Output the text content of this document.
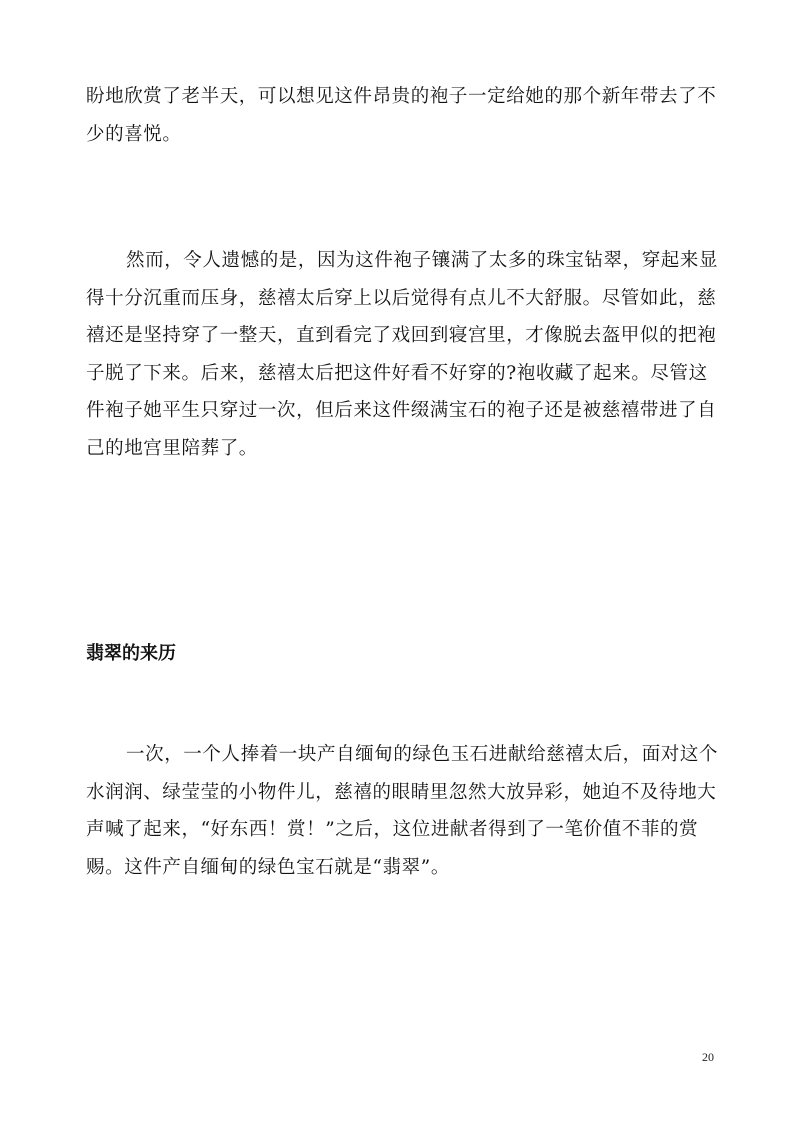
盼地欣赏了老半天，可以想见这件昂贵的袍子一定给她的那个新年带去了不少的喜悦。

然而，令人遗憾的是，因为这件袍子镶满了太多的珠宝钻翠，穿起来显得十分沉重而压身，慈禧太后穿上以后觉得有点儿不大舒服。尽管如此，慈禧还是坚持穿了一整天，直到看完了戏回到寝宫里，才像脱去盔甲似的把袍子脱了下来。后来，慈禧太后把这件好看不好穿的?袍收藏了起来。尽管这件袍子她平生只穿过一次，但后来这件缀满宝石的袍子还是被慈禧带进了自己的地宫里陪葬了。

翡翠的来历

一次，一个人捧着一块产自缅甸的绿色玉石进献给慈禧太后，面对这个水润润、绿莹莹的小物件儿，慈禧的眼睛里忽然大放异彩，她迫不及待地大声喊了起来，“好东西！赏！”之后，这位进献者得到了一笔价值不菲的赏赐。这件产自缅甸的绿色宝石就是“翡翠”。

20
